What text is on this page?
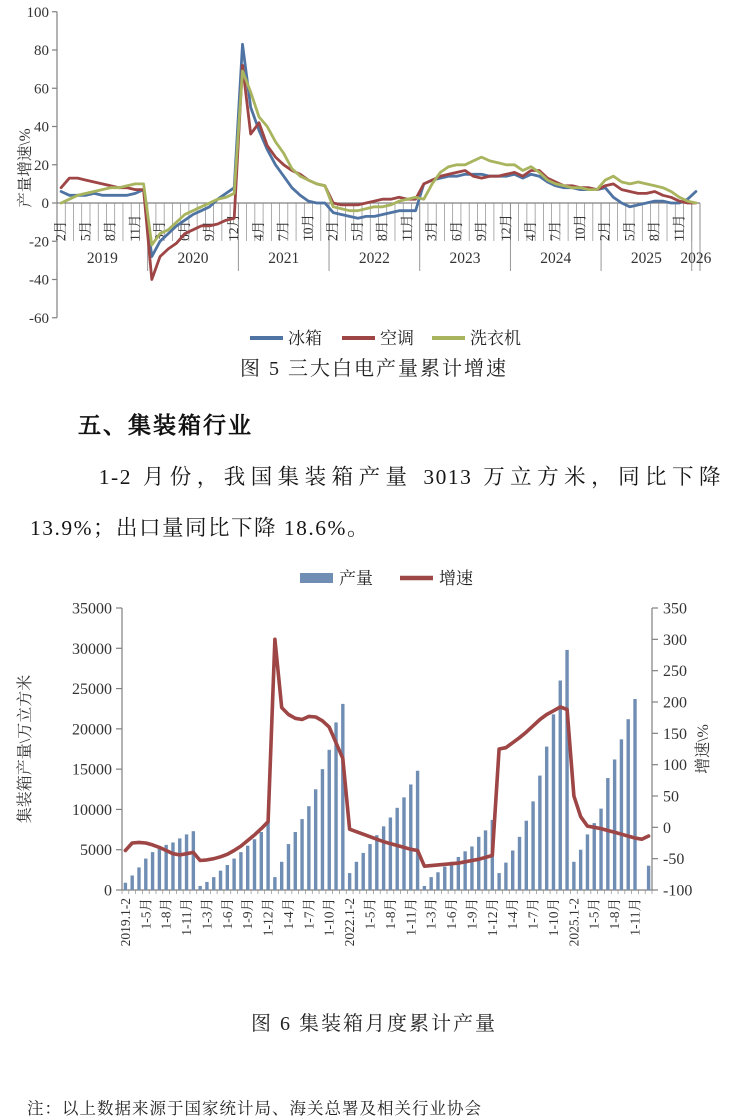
100
80
60
40
20
0
-20
-40
-60
2019	2020	2021	2022	2023	2024	2025 2026
2月 5月 8月 11月 3月 6月 9月 12月 4月 7月 10月 2月 5月 8月 11月 3月 6月 9月 12月 4月 7月 10月 2月 5月 8月 11月
产量增速\%
冰箱	空调	洗衣机
图 5 三大白电产量累计增速
五、集装箱行业
1-2 月份，我国集装箱产量 3013 万立方米，同比下降 13.9%；出口量同比下降 18.6%。
35000
30000
25000
20000
15000
10000
5000
0
350
300
250
200
150
100
50
0
-50
-100
产量	增速
2019.1-2 1-5月 1-8月 1-11月 1-3月 1-6月 1-9月 1-12月 1-4月 1-7月 1-10月 2022.1-2 1-5月 1-8月 1-11月 1-3月 1-6月 1-9月 1-12月 1-4月 1-7月 1-10月 2025.1-2 1-5月 1-8月 1-11月
集装箱产量\万立方米	增速\%
图 6 集装箱月度累计产量
注：以上数据来源于国家统计局、海关总署及相关行业协会
